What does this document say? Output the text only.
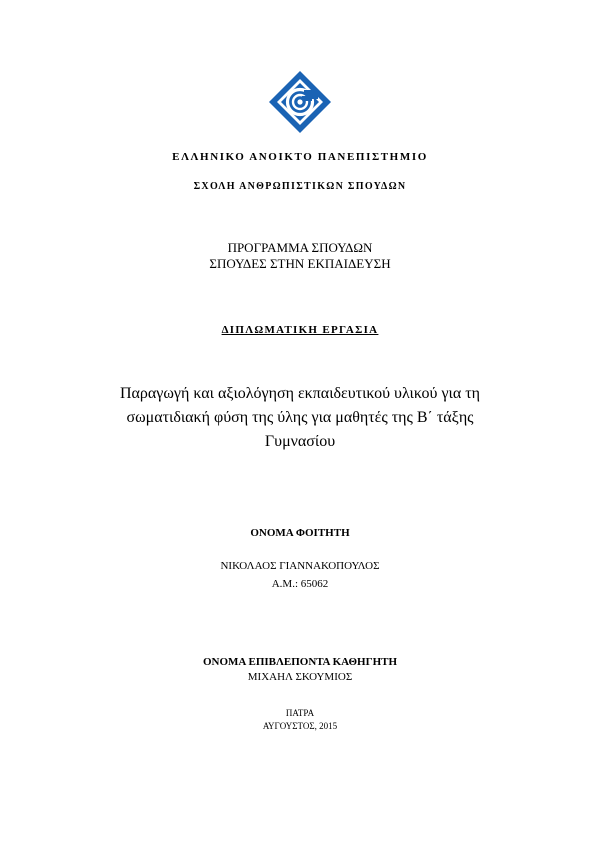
ΕΛΛΗΝΙΚΟ ΑΝΟΙΚΤΟ ΠΑΝΕΠΙΣΤΗΜΙΟ
ΣΧΟΛΗ ΑΝΘΡΩΠΙΣΤΙΚΩΝ ΣΠΟΥΔΩΝ
ΠΡΟΓΡΑΜΜΑ ΣΠΟΥΔΩΝ
ΣΠΟΥΔΕΣ ΣΤΗΝ ΕΚΠΑΙΔΕΥΣΗ
ΔΙΠΛΩΜΑΤΙΚΗ ΕΡΓΑΣΙΑ
Παραγωγή και αξιολόγηση εκπαιδευτικού υλικού για τη
σωματιδιακή φύση της ύλης για μαθητές της Β΄ τάξης
Γυμνασίου
ΟΝΟΜΑ ΦΟΙΤΗΤΗ
ΝΙΚΟΛΑΟΣ ΓΙΑΝΝΑΚΟΠΟΥΛΟΣ
Α.Μ.: 65062
ΟΝΟΜΑ ΕΠΙΒΛΕΠΟΝΤΑ ΚΑΘΗΓΗΤΗ
ΜΙΧΑΗΛ ΣΚΟΥΜΙΟΣ
ΠΑΤΡΑ
ΑΥΓΟΥΣΤΟΣ, 2015
